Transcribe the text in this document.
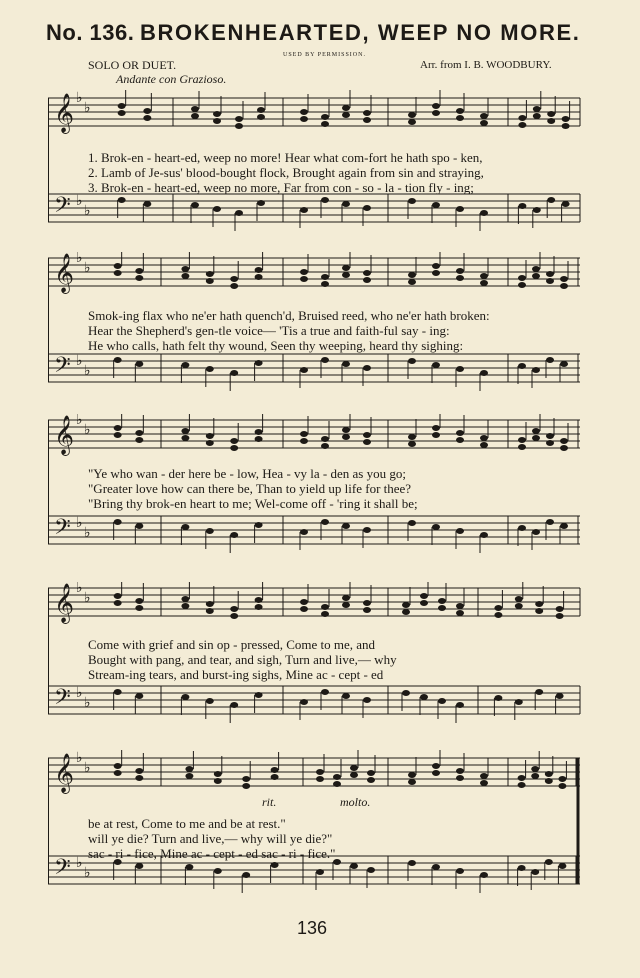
No. 136. BROKENHEARTED, WEEP NO MORE.
USED BY PERMISSION.
SOLO OR DUET.	Arr. from I. B. WOODBURY.
Andante con Grazioso.
𝄞
𝄢
♭
♭
♭
♭
1. Brok-en - heart-ed, weep no more! Hear what com-fort he hath spo - ken,
2. Lamb of Je-sus' blood-bought flock, Brought again from sin and straying,
3. Brok-en - heart-ed, weep no more, Far from con - so - la - tion fly - ing;
𝄞
𝄢
♭
♭
♭
♭
Smok-ing flax who ne'er hath quench'd, Bruised reed, who ne'er hath broken:
Hear the Shepherd's gen-tle voice— 'Tis a true and faith-ful say - ing:
He who calls, hath felt thy wound, Seen thy weeping, heard thy sighing:
𝄞
𝄢
♭
♭
♭
♭
"Ye who wan - der here be - low, Hea - vy la - den as you go;
"Greater love how can there be, Than to yield up life for thee?
"Bring thy brok-en heart to me; Wel-come off - 'ring it shall be;
𝄞
𝄢
♭
♭
♭
♭
Come with grief and sin op - pressed, Come to me, and
Bought with pang, and tear, and sigh, Turn and live,— why
Stream-ing tears, and burst-ing sighs, Mine ac - cept - ed
𝄞
𝄢
♭
♭
♭
♭
rit.	molto.
be at rest, Come to me and be at rest."
will ye die? Turn and live,— why will ye die?"
sac - ri - fice, Mine ac - cept - ed sac - ri - fice."
136
